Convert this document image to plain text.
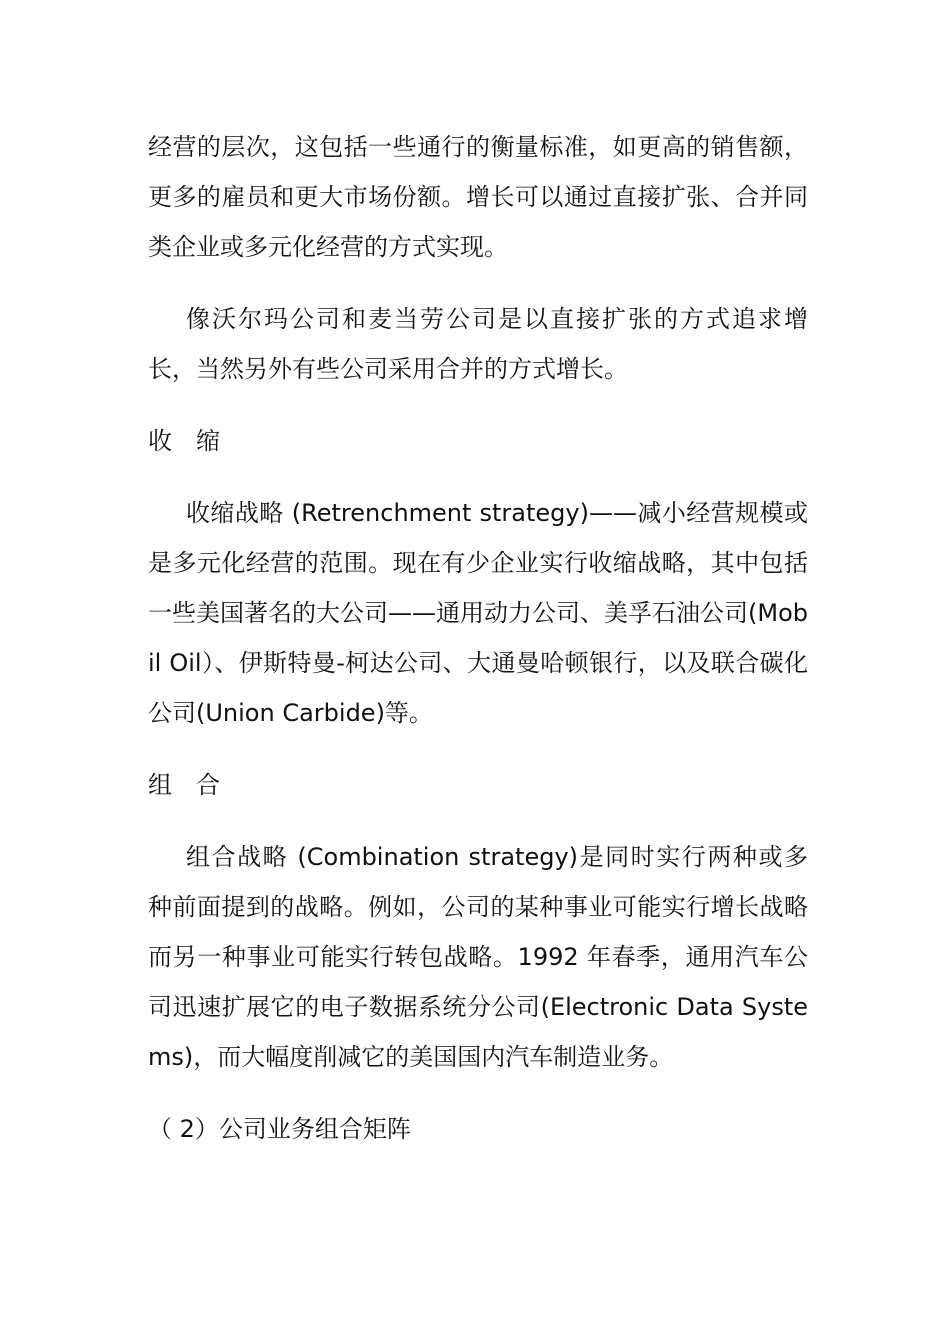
经营的层次，这包括一些通行的衡量标准，如更高的销售额，更多的雇员和更大市场份额。增长可以通过直接扩张、合并同类企业或多元化经营的方式实现。

像沃尔玛公司和麦当劳公司是以直接扩张的方式追求增长，当然另外有些公司采用合并的方式增长。

收　缩

收缩战略 (Retrenchment strategy)——减小经营规模或是多元化经营的范围。现在有少企业实行收缩战略，其中包括一些美国著名的大公司——通用动力公司、美孚石油公司(Mobil Oil）、伊斯特曼-柯达公司、大通曼哈顿银行，以及联合碳化公司(Union Carbide)等。

组　合

组合战略 (Combination strategy)是同时实行两种或多种前面提到的战略。例如，公司的某种事业可能实行增长战略而另一种事业可能实行转包战略。1992 年春季，通用汽车公司迅速扩展它的电子数据系统分公司(Electronic Data Systems)，而大幅度削减它的美国国内汽车制造业务。

（ 2）公司业务组合矩阵
